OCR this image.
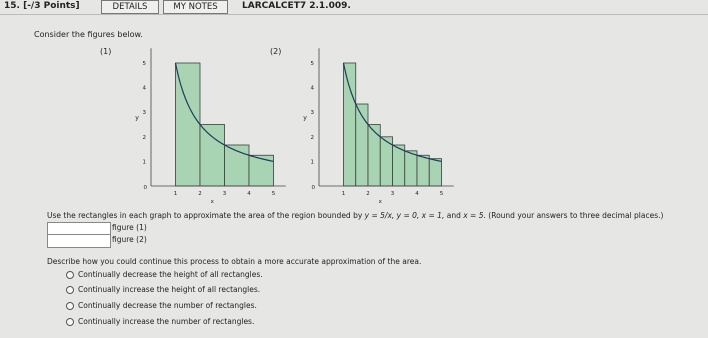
15. [-/3 Points]	DETAILS	MY NOTES	LARCALCET7 2.1.009.
Consider the figures below.
(1)	(2)
1	2	3	4	5
1
2
3
4
5
0
x
y
1	2	3	4	5
1
2
3
4
5
0
x
y
Use the rectangles in each graph to approximate the area of the region bounded by y = 5/x, y = 0, x = 1, and x = 5. (Round your answers to three decimal places.)
figure (1)
figure (2)
Describe how you could continue this process to obtain a more accurate approximation of the area.
Continually decrease the height of all rectangles.
Continually increase the height of all rectangles.
Continually decrease the number of rectangles.
Continually increase the number of rectangles.
